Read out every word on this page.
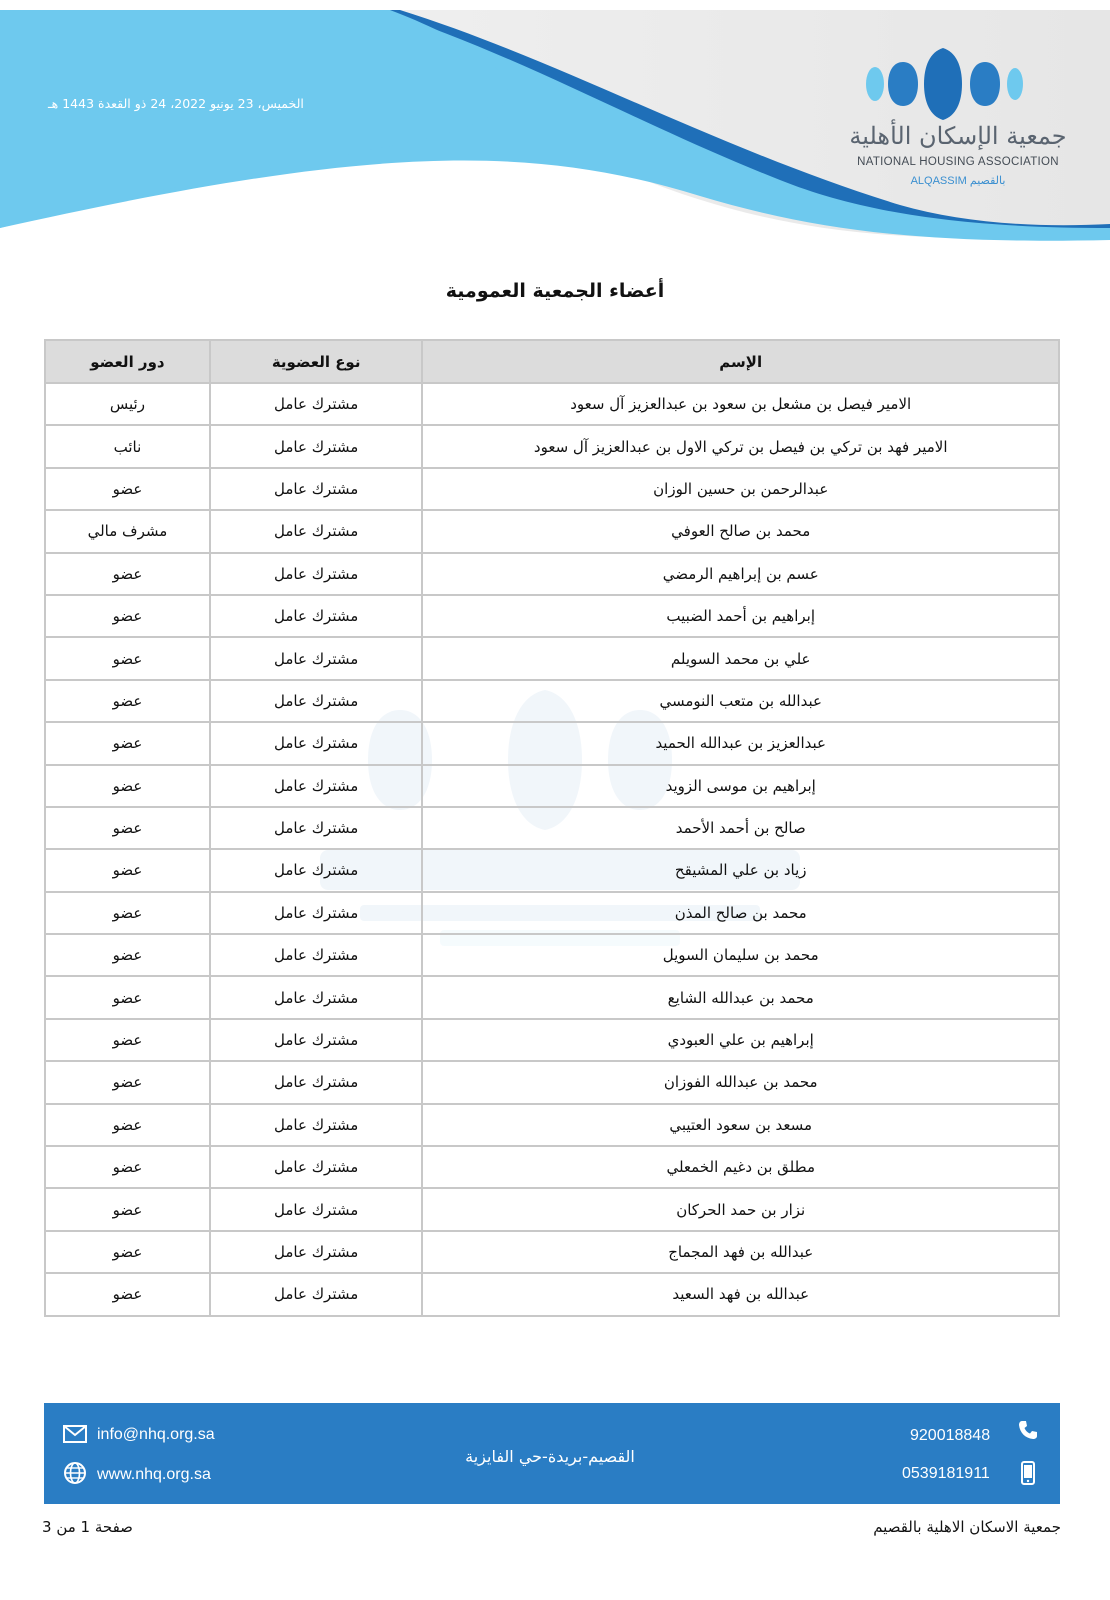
الخميس، 23 يونيو 2022، 24 ذو القعدة 1443 هـ
جمعية الإسكان الأهلية
NATIONAL HOUSING ASSOCIATION
ALQASSIM بالقصيم
أعضاء الجمعية العمومية
الإسم	نوع العضوية	دور العضو
الامير فيصل بن مشعل بن سعود بن عبدالعزيز آل سعود	مشترك عامل	رئيس
الامير فهد بن تركي بن فيصل بن تركي الاول بن عبدالعزيز آل سعود	مشترك عامل	نائب
عبدالرحمن بن حسين الوزان	مشترك عامل	عضو
محمد بن صالح العوفي	مشترك عامل	مشرف مالي
عسم بن إبراهيم الرمضي	مشترك عامل	عضو
إبراهيم بن أحمد الضبيب	مشترك عامل	عضو
علي بن محمد السويلم	مشترك عامل	عضو
عبدالله بن متعب النومسي	مشترك عامل	عضو
عبدالعزيز بن عبدالله الحميد	مشترك عامل	عضو
إبراهيم بن موسى الزويد	مشترك عامل	عضو
صالح بن أحمد الأحمد	مشترك عامل	عضو
زياد بن علي المشيقح	مشترك عامل	عضو
محمد بن صالح المذن	مشترك عامل	عضو
محمد بن سليمان السويل	مشترك عامل	عضو
محمد بن عبدالله الشايع	مشترك عامل	عضو
إبراهيم بن علي العبودي	مشترك عامل	عضو
محمد بن عبدالله الفوزان	مشترك عامل	عضو
مسعد بن سعود العتيبي	مشترك عامل	عضو
مطلق بن دغيم الخمعلي	مشترك عامل	عضو
نزار بن حمد الحركان	مشترك عامل	عضو
عبدالله بن فهد المجماج	مشترك عامل	عضو
عبدالله بن فهد السعيد	مشترك عامل	عضو
info@nhq.org.sa
www.nhq.org.sa
القصيم-بريدة-حي الفايزية
920018848
0539181911
جمعية الاسكان الاهلية بالقصيم
صفحة 1 من 3
